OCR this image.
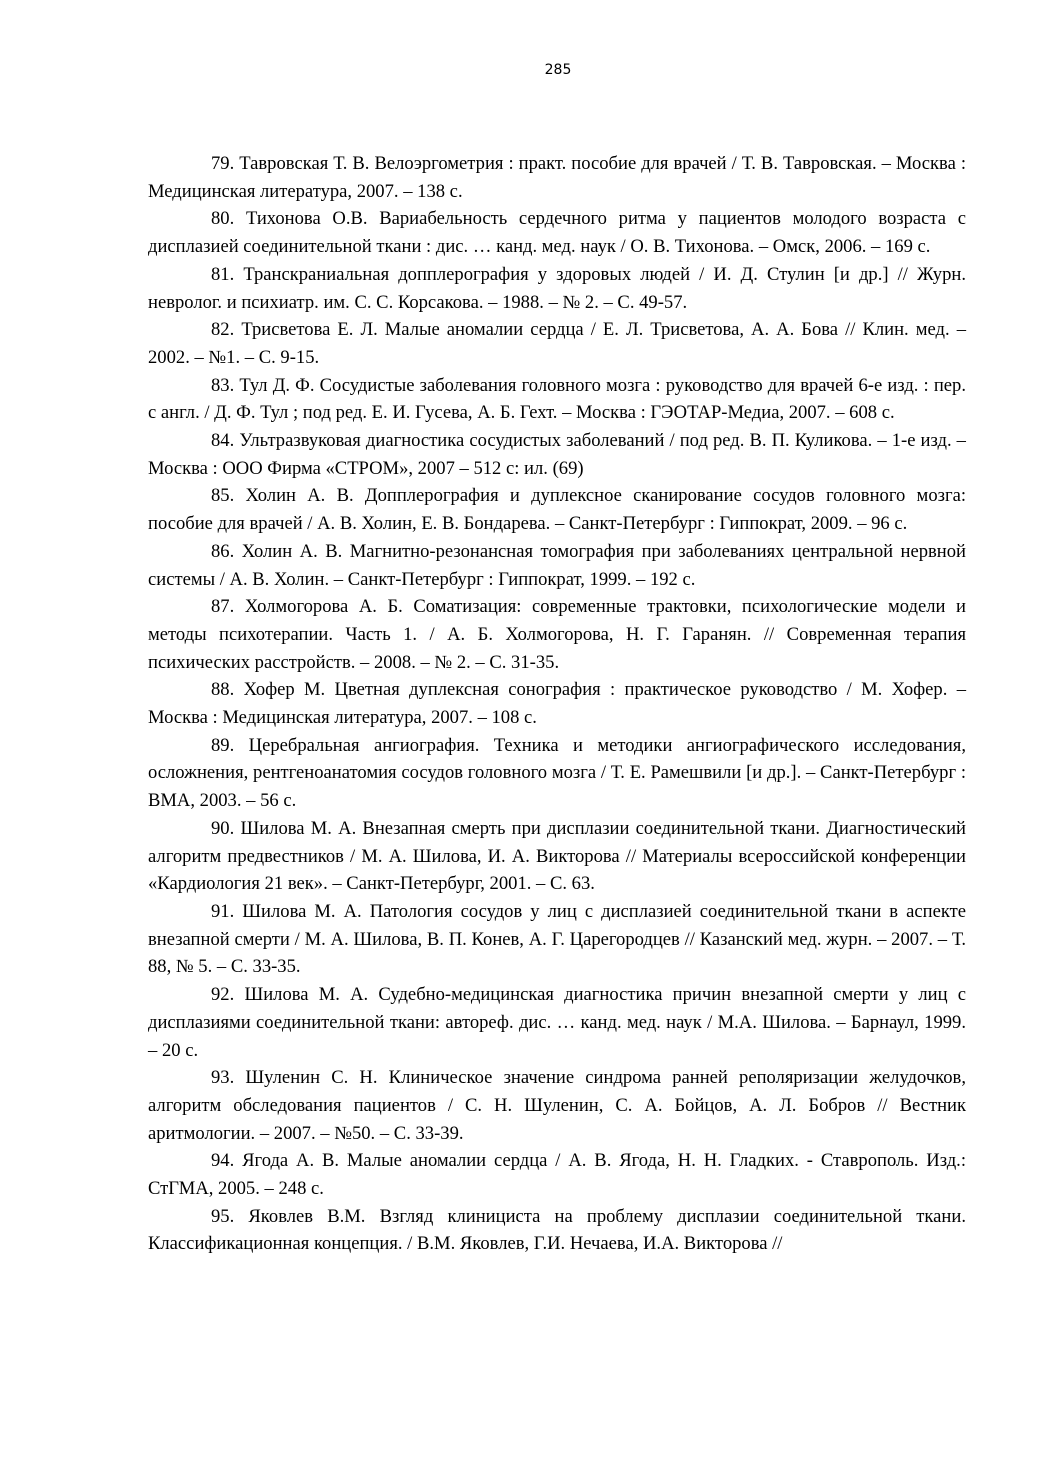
285

79. Тавровская Т. В. Велоэргометрия : практ. пособие для врачей / Т. В. Тавровская. – Москва : Медицинская литература, 2007. – 138 с.

80. Тихонова О.В. Вариабельность сердечного ритма у пациентов молодого возраста с дисплазией соединительной ткани : дис. … канд. мед. наук / О. В. Тихонова. – Омск, 2006. – 169 с.

81. Транскраниальная допплерография у здоровых людей / И. Д. Стулин [и др.] // Журн. невролог. и психиатр. им. С. С. Корсакова. – 1988. – № 2. – С. 49-57.

82. Трисветова Е. Л. Малые аномалии сердца / Е. Л. Трисветова, А. А. Бова // Клин. мед. – 2002. – №1. – С. 9-15.

83. Тул Д. Ф. Сосудистые заболевания головного мозга : руководство для врачей 6-е изд. : пер. с англ. / Д. Ф. Тул ; под ред. Е. И. Гусева, А. Б. Гехт. – Москва : ГЭОТАР-Медиа, 2007. – 608 с.

84. Ультразвуковая диагностика сосудистых заболеваний / под ред. В. П. Куликова. – 1-е изд. – Москва : ООО Фирма «СТРОМ», 2007 – 512 с: ил. (69)

85. Холин А. В. Допплерография и дуплексное сканирование сосудов головного мозга: пособие для врачей / А. В. Холин, Е. В. Бондарева. – Санкт-Петербург : Гиппократ, 2009. – 96 с.

86. Холин А. В. Магнитно-резонансная томография при заболеваниях центральной нервной системы / А. В. Холин. – Санкт-Петербург : Гиппократ, 1999. – 192 с.

87. Холмогорова А. Б. Соматизация: современные трактовки, психологические модели и методы психотерапии. Часть 1. / А. Б. Холмогорова, Н. Г. Гаранян. // Современная терапия психических расстройств. – 2008. – № 2. – С. 31-35.

88. Хофер М. Цветная дуплексная сонография : практическое руководство / М. Хофер. – Москва : Медицинская литература, 2007. – 108 с.

89. Церебральная ангиография. Техника и методики ангиографического исследования, осложнения, рентгеноанатомия сосудов головного мозга / Т. Е. Рамешвили [и др.]. – Санкт-Петербург : ВМА, 2003. – 56 с.

90. Шилова М. А. Внезапная смерть при дисплазии соединительной ткани. Диагностический алгоритм предвестников / М. А. Шилова, И. А. Викторова // Материалы всероссийской конференции «Кардиология 21 век». – Санкт-Петербург, 2001. – С. 63.

91. Шилова М. А. Патология сосудов у лиц с дисплазией соединительной ткани в аспекте внезапной смерти / М. А. Шилова, В. П. Конев, А. Г. Царегородцев // Казанский мед. журн. – 2007. – Т. 88, № 5. – С. 33-35.

92. Шилова М. А. Судебно-медицинская диагностика причин внезапной смерти у лиц с дисплазиями соединительной ткани: автореф. дис. … канд. мед. наук / М.А. Шилова. – Барнаул, 1999. – 20 с.

93. Шуленин С. Н. Клиническое значение синдрома ранней реполяризации желудочков, алгоритм обследования пациентов / С. Н. Шуленин, С. А. Бойцов, А. Л. Бобров // Вестник аритмологии. – 2007. – №50. – С. 33-39.

94. Ягода А. В. Малые аномалии сердца / А. В. Ягода, Н. Н. Гладких. - Ставрополь. Изд.: СтГМА, 2005. – 248 с.

95. Яковлев В.М. Взгляд клинициста на проблему дисплазии соединительной ткани. Классификационная концепция. / В.М. Яковлев, Г.И. Нечаева, И.А. Викторова //
